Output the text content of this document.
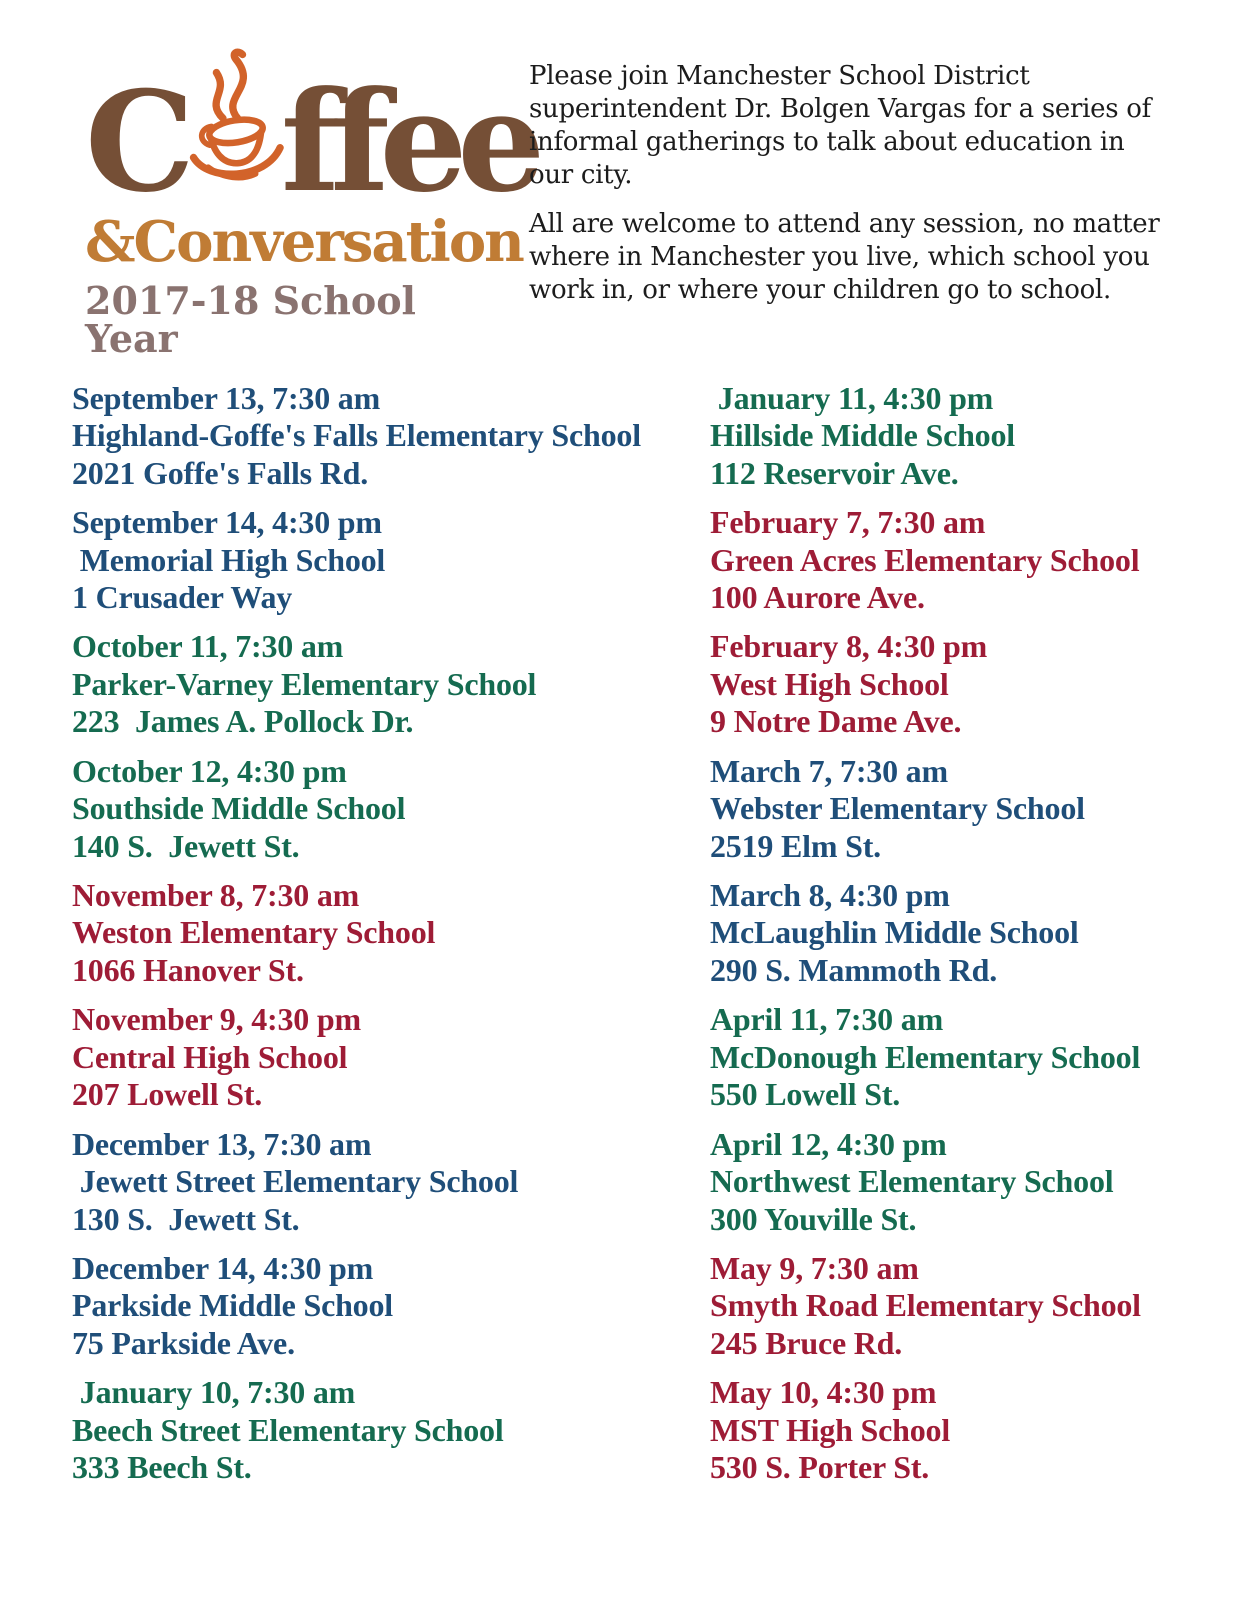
C ffee
&Conversation
2017-18 School Year

Please join Manchester School District superintendent Dr. Bolgen Vargas for a series of informal gatherings to talk about education in our city.

All are welcome to attend any session, no matter where in Manchester you live, which school you work in, or where your children go to school.

September 13, 7:30 am
Highland-Goffe's Falls Elementary School
2021 Goffe's Falls Rd.
September 14, 4:30 pm
Memorial High School
1 Crusader Way
October 11, 7:30 am
Parker-Varney Elementary School
223  James A. Pollock Dr.
October 12, 4:30 pm
Southside Middle School
140 S.  Jewett St.
November 8, 7:30 am
Weston Elementary School
1066 Hanover St.
November 9, 4:30 pm
Central High School
207 Lowell St.
December 13, 7:30 am
Jewett Street Elementary School
130 S.  Jewett St.
December 14, 4:30 pm
Parkside Middle School
75 Parkside Ave.
January 10, 7:30 am
Beech Street Elementary School
333 Beech St.
January 11, 4:30 pm
Hillside Middle School
112 Reservoir Ave.
February 7, 7:30 am
Green Acres Elementary School
100 Aurore Ave.
February 8, 4:30 pm
West High School
9 Notre Dame Ave.
March 7, 7:30 am
Webster Elementary School
2519 Elm St.
March 8, 4:30 pm
McLaughlin Middle School
290 S. Mammoth Rd.
April 11, 7:30 am
McDonough Elementary School
550 Lowell St.
April 12, 4:30 pm
Northwest Elementary School
300 Youville St.
May 9, 7:30 am
Smyth Road Elementary School
245 Bruce Rd.
May 10, 4:30 pm
MST High School
530 S. Porter St.
